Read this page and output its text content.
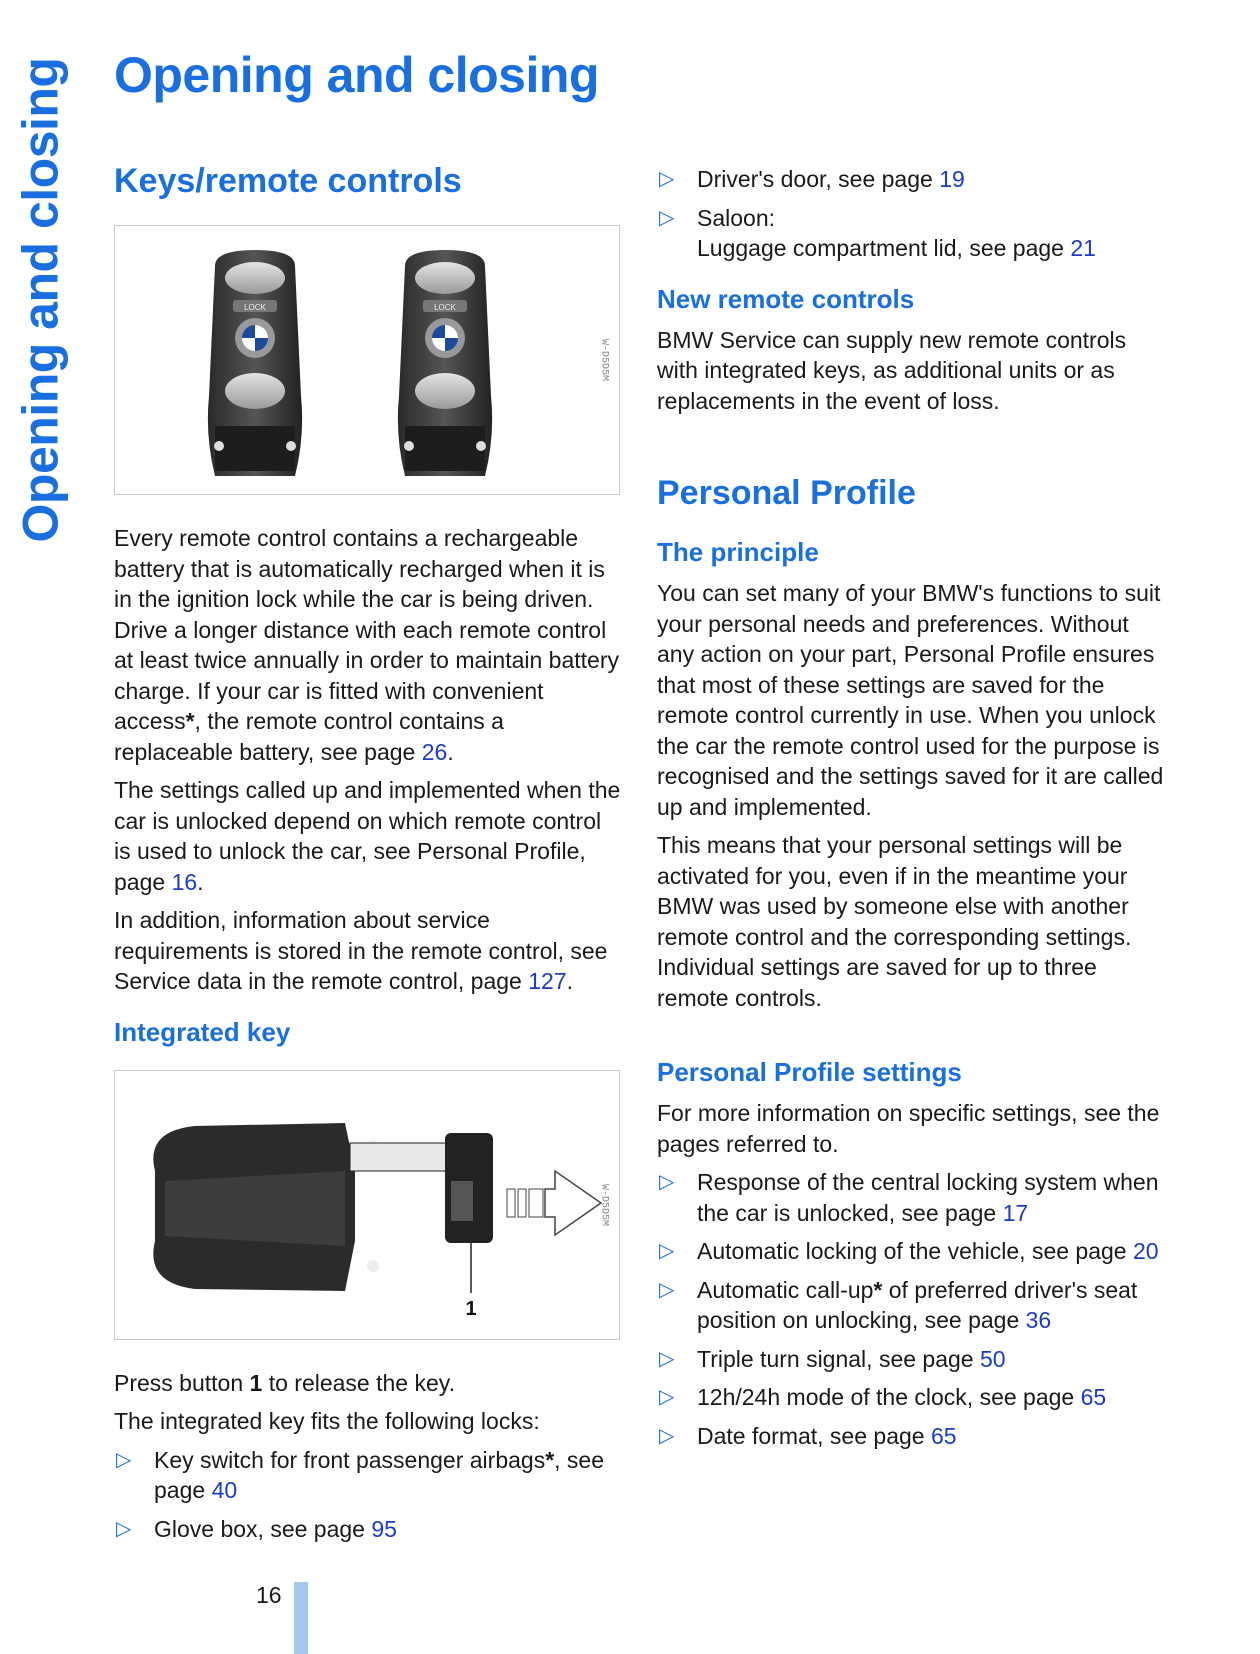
Opening and closing Opening and closing
Keys/remote controls
LOCK	LOCK
W-D5D5M

Every remote control contains a rechargeable battery that is automatically recharged when it is in the ignition lock while the car is being driven. Drive a longer distance with each remote control at least twice annually in order to maintain battery charge. If your car is fitted with convenient access*, the remote control contains a replaceable battery, see page 26.

The settings called up and implemented when the car is unlocked depend on which remote control is used to unlock the car, see Personal Profile, page 16.

In addition, information about service requirements is stored in the remote control, see Service data in the remote control, page 127.

Integrated key
1
W-D5D5M

Press button 1 to release the key.

The integrated key fits the following locks:

▷ Key switch for front passenger airbags*, see page 40
▷ Glove box, see page 95
▷ Driver's door, see page 19
▷ Saloon:
Luggage compartment lid, see page 21
New remote controls

BMW Service can supply new remote controls with integrated keys, as additional units or as replacements in the event of loss.

Personal Profile
The principle

You can set many of your BMW's functions to suit your personal needs and preferences. Without any action on your part, Personal Profile ensures that most of these settings are saved for the remote control currently in use. When you unlock the car the remote control used for the purpose is recognised and the settings saved for it are called up and implemented.

This means that your personal settings will be activated for you, even if in the meantime your BMW was used by someone else with another remote control and the corresponding settings. Individual settings are saved for up to three remote controls.

Personal Profile settings

For more information on specific settings, see the pages referred to.

▷ Response of the central locking system when the car is unlocked, see page 17
▷ Automatic locking of the vehicle, see page 20
▷ Automatic call-up* of preferred driver's seat position on unlocking, see page 36
▷ Triple turn signal, see page 50
▷ 12h/24h mode of the clock, see page 65
▷ Date format, see page 65
16
